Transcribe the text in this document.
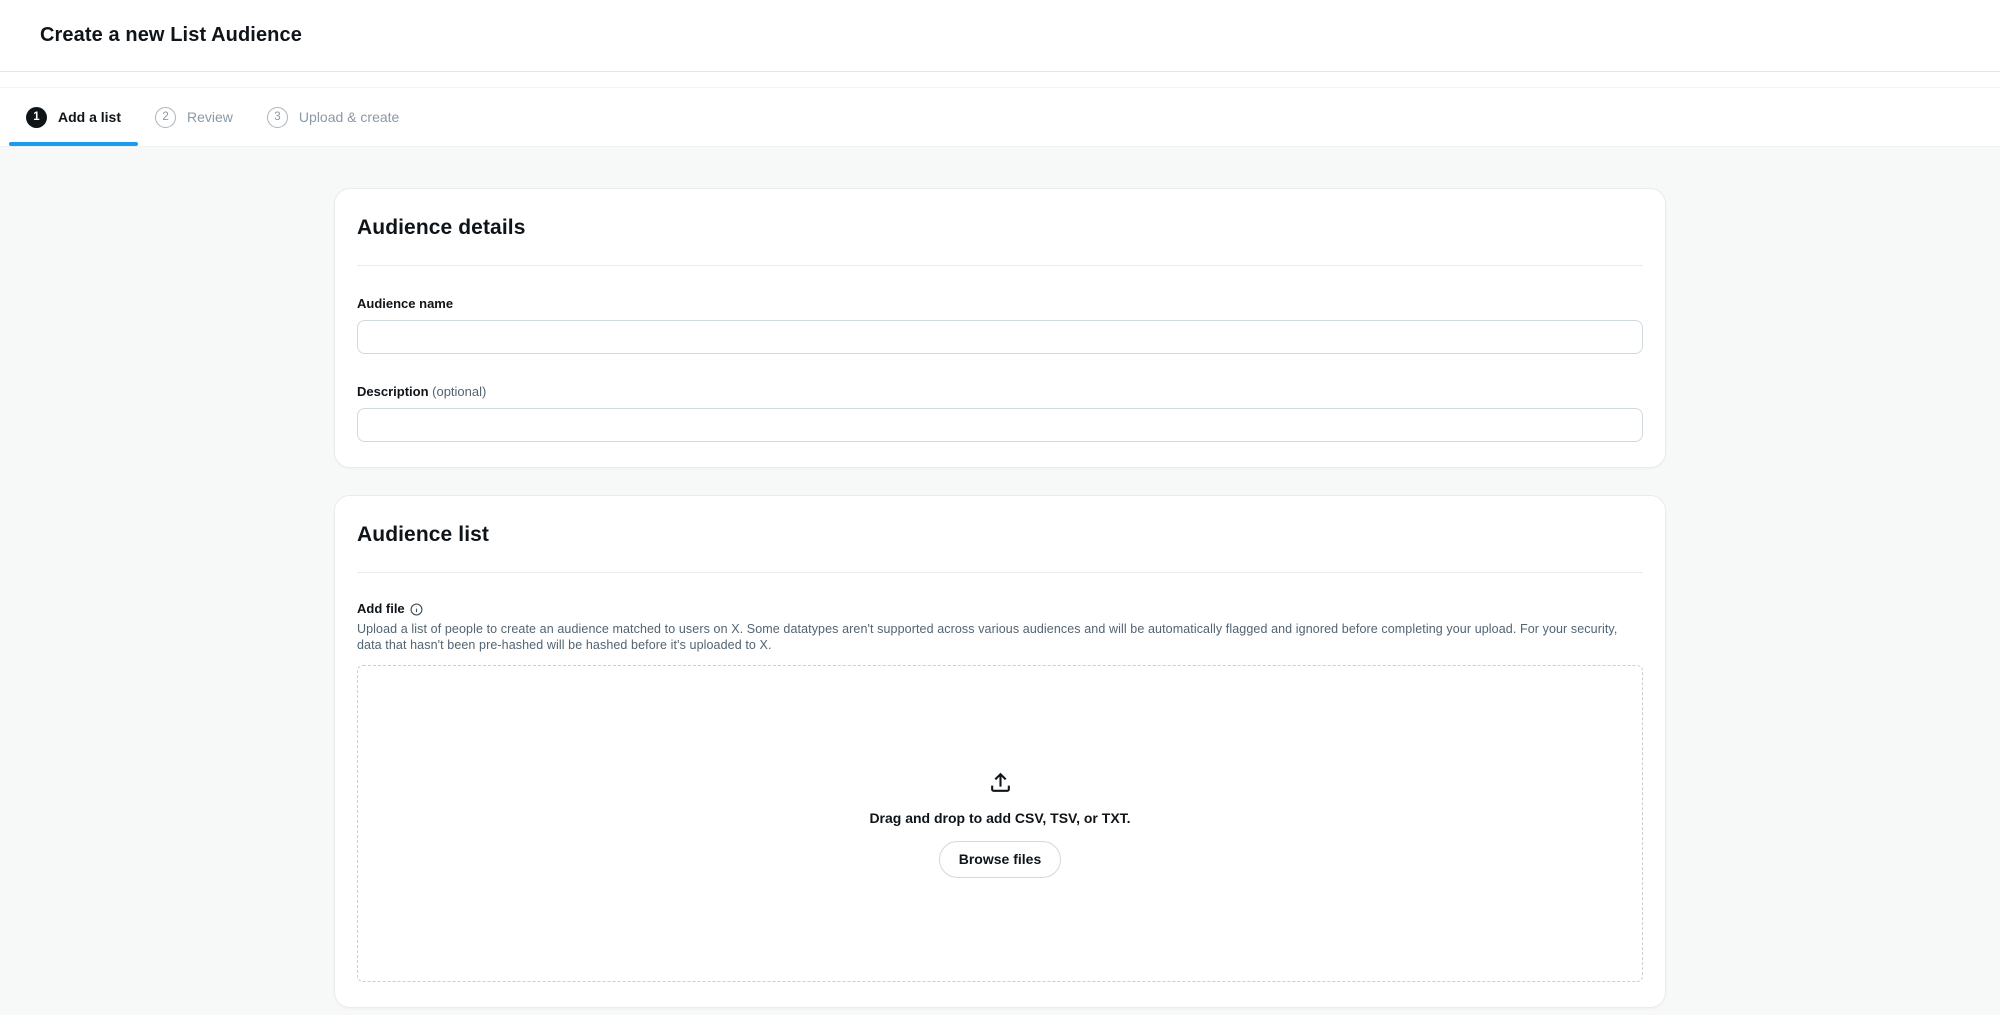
Create a new List Audience
1	Add a list	2	Review	3	Upload & create
Audience details
Audience name
Description (optional)
Audience list
Add file

Upload a list of people to create an audience matched to users on X. Some datatypes aren't supported across various audiences and will be automatically flagged and ignored before completing your upload. For your security, data that hasn't been pre-hashed will be hashed before it's uploaded to X.

Drag and drop to add CSV, TSV, or TXT.
Browse files
